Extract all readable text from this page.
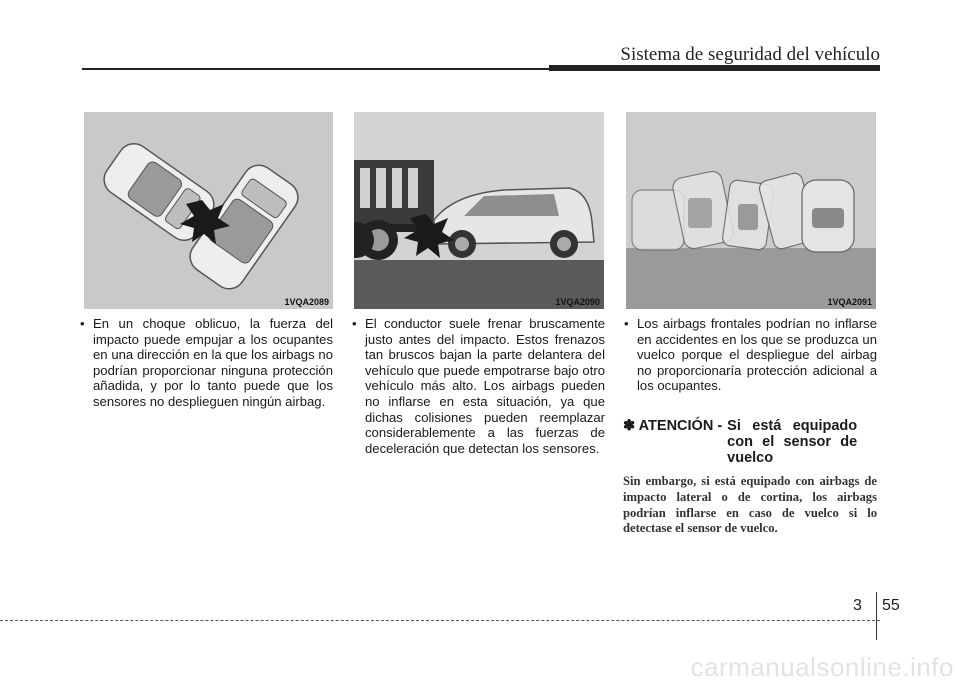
Sistema de seguridad del vehículo
1VQA2089	1VQA2090	1VQA2091
• En un choque oblicuo, la fuerza del impacto puede empujar a los ocupantes en una dirección en la que los airbags no podrían proporcionar ninguna protección añadida, y por lo tanto puede que los sensores no desplieguen ningún airbag.
• El conductor suele frenar bruscamente justo antes del impacto. Estos frenazos tan bruscos bajan la parte delantera del vehículo que puede empotrarse bajo otro vehículo más alto. Los airbags pueden no inflarse en esta situación, ya que dichas colisiones pueden reemplazar considerablemente a las fuerzas de deceleración que detectan los sensores.
• Los airbags frontales podrían no inflarse en accidentes en los que se produzca un vuelco porque el despliegue del airbag no proporcionaría protección adicional a los ocupantes.
✽ ATENCIÓN - Si está equipado con el sensor de vuelco
Sin embargo, si está equipado con airbags de impacto lateral o de cortina, los airbags podrían inflarse en caso de vuelco si lo detectase el sensor de vuelco.
3 55
carmanualsonline.info
